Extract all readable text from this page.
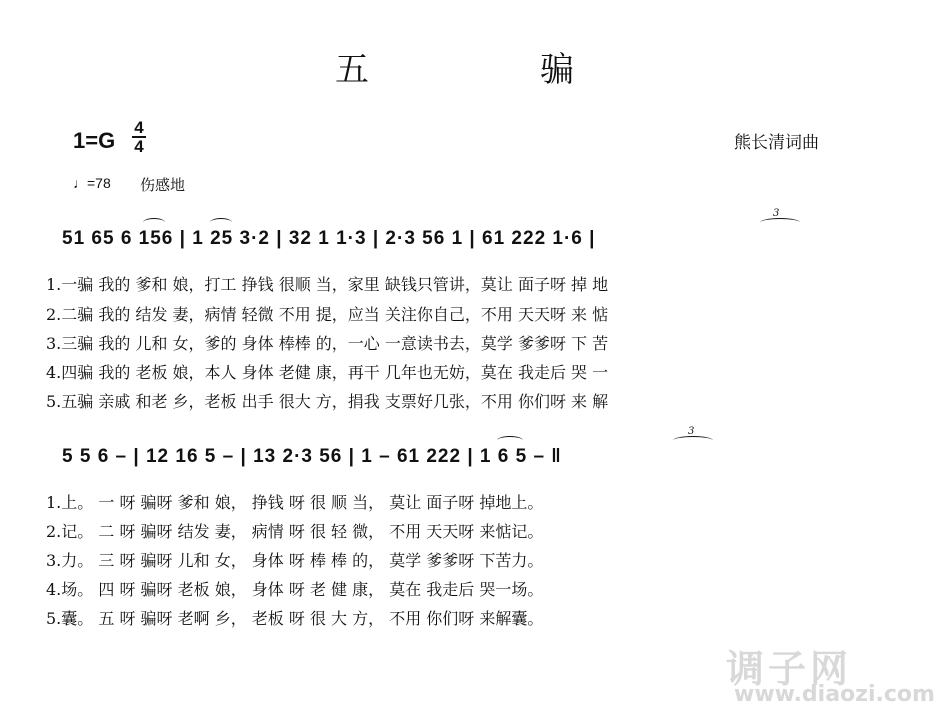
五	骗
1=G
4
4	熊长清词曲
♩=78 伤感地
51 65 6 156 | 1 25 3·2 | 32 1 1·3 | 2·3 56 1 | 61 222 1·6 |
3
1.一骗 我的 爹和 娘，打工 挣钱 很顺 当，家里 缺钱只管讲，莫让 面子呀 掉 地
2.二骗 我的 结发 妻，病情 轻微 不用 提，应当 关注你自己，不用 天天呀 来 惦
3.三骗 我的 儿和 女，爹的 身体 棒棒 的，一心 一意读书去，莫学 爹爹呀 下 苦
4.四骗 我的 老板 娘，本人 身体 老健 康，再干 几年也无妨，莫在 我走后 哭 一
5.五骗 亲戚 和老 乡，老板 出手 很大 方，捐我 支票好几张，不用 你们呀 来 解
5 5 6 – | 12 16 5 – | 13 2·3 56 | 1 – 61 222 | 1 6 5 – ‖
3
1.上。 一 呀 骗呀 爹和 娘， 挣钱 呀 很 顺 当， 莫让 面子呀 掉地上。
2.记。 二 呀 骗呀 结发 妻， 病情 呀 很 轻 微， 不用 天天呀 来惦记。
3.力。 三 呀 骗呀 儿和 女， 身体 呀 棒 棒 的， 莫学 爹爹呀 下苦力。
4.场。 四 呀 骗呀 老板 娘， 身体 呀 老 健 康， 莫在 我走后 哭一场。
5.囊。 五 呀 骗呀 老啊 乡， 老板 呀 很 大 方， 不用 你们呀 来解囊。
调子网
www.diaozi.com
